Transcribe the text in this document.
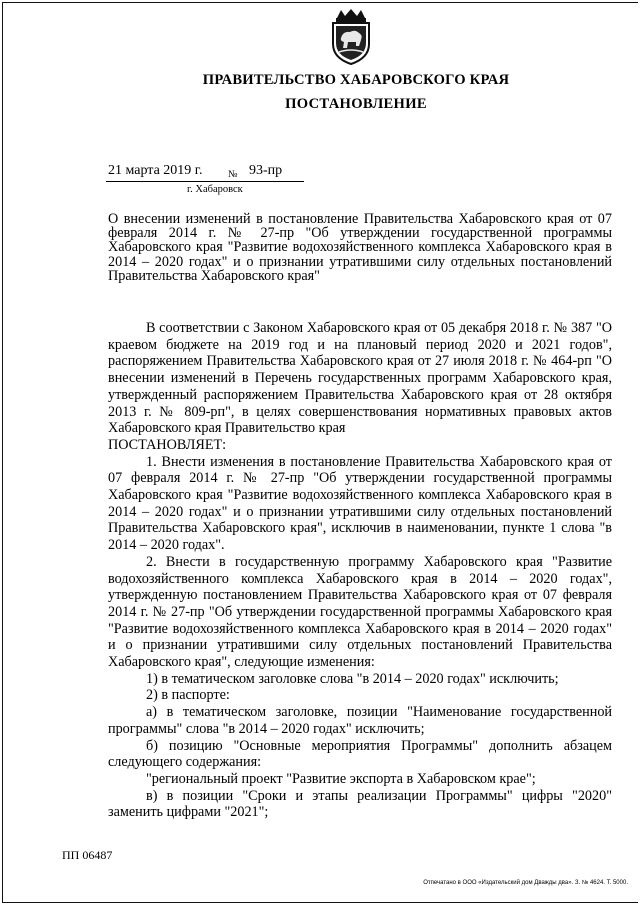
ПРАВИТЕЛЬСТВО ХАБАРОВСКОГО КРАЯ
ПОСТАНОВЛЕНИЕ
21 марта 2019 г.	№ 93-пр
г. Хабаровск
О внесении изменений в постановление Правительства Хабаровского края от 07 февраля 2014 г. № 27-пр "Об утверждении государственной программы Хабаровского края "Развитие водохозяйственного комплекса Хабаровского края в 2014 – 2020 годах" и о признании утратившими силу отдельных постановлений Правительства Хабаровского края"

В соответствии с Законом Хабаровского края от 05 декабря 2018 г. № 387 "О краевом бюджете на 2019 год и на плановый период 2020 и 2021 годов", распоряжением Правительства Хабаровского края от 27 июля 2018 г. № 464-рп "О внесении изменений в Перечень государственных программ Хабаровского края, утвержденный распоряжением Правительства Хабаровского края от 28 октября 2013 г. № 809-рп", в целях совершенствования нормативных правовых актов Хабаровского края Правительство края

ПОСТАНОВЛЯЕТ:

1. Внести изменения в постановление Правительства Хабаровского края от 07 февраля 2014 г. № 27-пр "Об утверждении государственной программы Хабаровского края "Развитие водохозяйственного комплекса Хабаровского края в 2014 – 2020 годах" и о признании утратившими силу отдельных постановлений Правительства Хабаровского края", исключив в наименовании, пункте 1 слова "в 2014 – 2020 годах".

2. Внести в государственную программу Хабаровского края "Развитие водохозяйственного комплекса Хабаровского края в 2014 – 2020 годах", утвержденную постановлением Правительства Хабаровского края от 07 февраля 2014 г. № 27-пр "Об утверждении государственной программы Хабаровского края "Развитие водохозяйственного комплекса Хабаровского края в 2014 – 2020 годах" и о признании утратившими силу отдельных постановлений Правительства Хабаровского края", следующие изменения:

1) в тематическом заголовке слова "в 2014 – 2020 годах" исключить;

2) в паспорте:

а) в тематическом заголовке, позиции "Наименование государственной программы" слова "в 2014 – 2020 годах" исключить;

б) позицию "Основные мероприятия Программы" дополнить абзацем следующего содержания:

"региональный проект "Развитие экспорта в Хабаровском крае";

в) в позиции "Сроки и этапы реализации Программы" цифры "2020" заменить цифрами "2021";

ПП 06487
Отпечатано в ООО «Издательский дом Дважды два». З. № 4624. Т. 5000.
